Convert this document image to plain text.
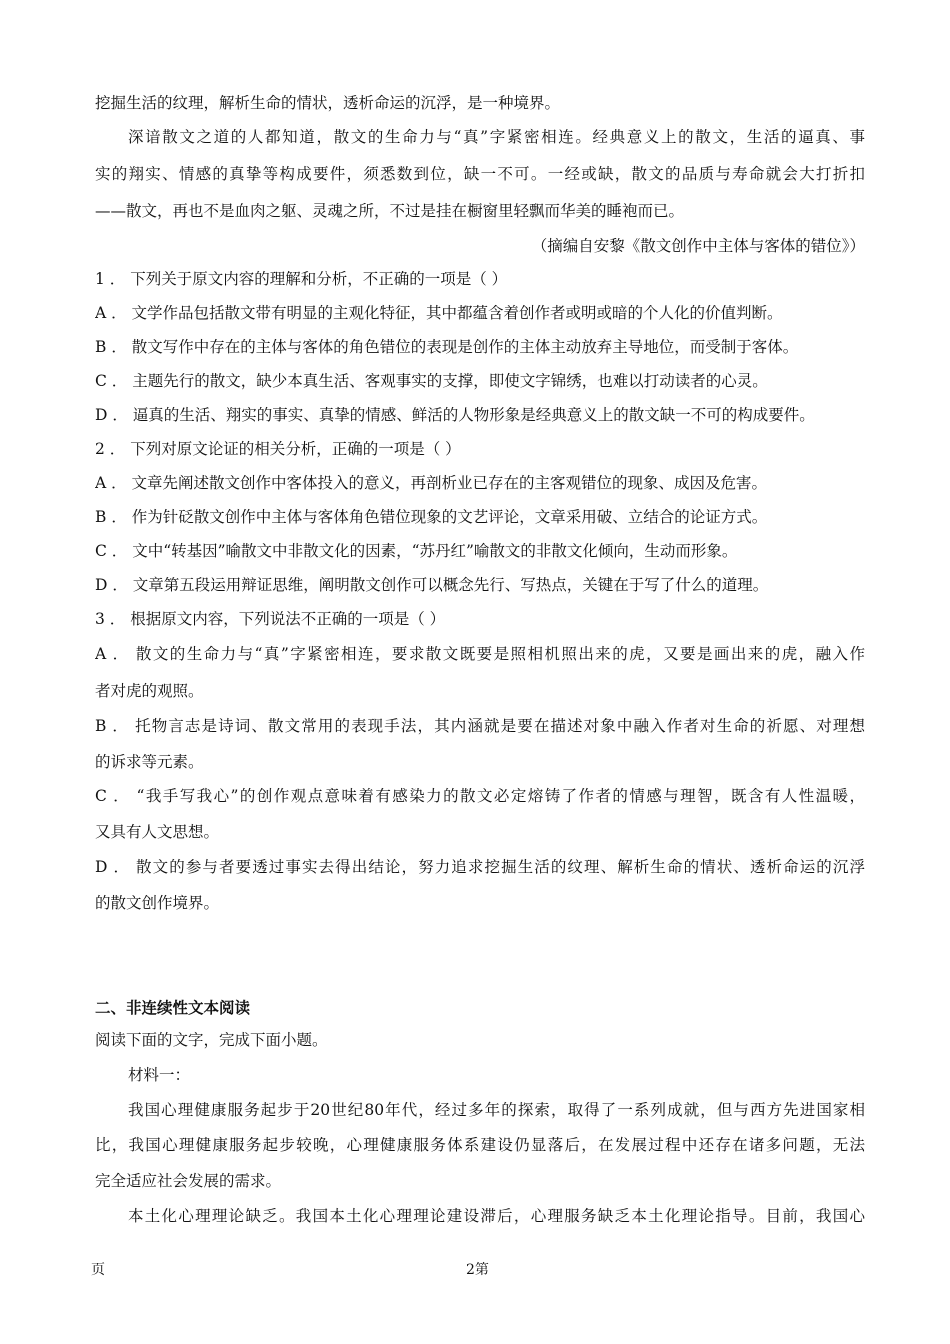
挖掘生活的纹理，解析生命的情状，透析命运的沉浮，是一种境界。
深谙散文之道的人都知道，散文的生命力与“真”字紧密相连。经典意义上的散文，生活的逼真、事
实的翔实、情感的真挚等构成要件，须悉数到位，缺一不可。一经或缺，散文的品质与寿命就会大打折扣
——散文，再也不是血肉之躯、灵魂之所，不过是挂在橱窗里轻飘而华美的睡袍而已。
（摘编自安黎《散文创作中主体与客体的错位》）
1 ． 下列关于原文内容的理解和分析，不正确的一项是（ ）
A ． 文学作品包括散文带有明显的主观化特征，其中都蕴含着创作者或明或暗的个人化的价值判断。
B ． 散文写作中存在的主体与客体的角色错位的表现是创作的主体主动放弃主导地位，而受制于客体。
C ． 主题先行的散文，缺少本真生活、客观事实的支撑，即使文字锦绣，也难以打动读者的心灵。
D ． 逼真的生活、翔实的事实、真挚的情感、鲜活的人物形象是经典意义上的散文缺一不可的构成要件。
2 ． 下列对原文论证的相关分析，正确的一项是（ ）
A ． 文章先阐述散文创作中客体投入的意义，再剖析业已存在的主客观错位的现象、成因及危害。
B ． 作为针砭散文创作中主体与客体角色错位现象的文艺评论，文章采用破、立结合的论证方式。
C ． 文中“转基因”喻散文中非散文化的因素，“苏丹红”喻散文的非散文化倾向，生动而形象。
D ． 文章第五段运用辩证思维，阐明散文创作可以概念先行、写热点，关键在于写了什么的道理。
3 ． 根据原文内容，下列说法不正确的一项是（ ）
A ． 散文的生命力与“真”字紧密相连，要求散文既要是照相机照出来的虎，又要是画出来的虎，融入作
者对虎的观照。
B ． 托物言志是诗词、散文常用的表现手法，其内涵就是要在描述对象中融入作者对生命的祈愿、对理想
的诉求等元素。
C ． “我手写我心”的创作观点意味着有感染力的散文必定熔铸了作者的情感与理智，既含有人性温暖，
又具有人文思想。
D ． 散文的参与者要透过事实去得出结论，努力追求挖掘生活的纹理、解析生命的情状、透析命运的沉浮
的散文创作境界。
二、非连续性文本阅读
阅读下面的文字，完成下面小题。
材料一：
我国心理健康服务起步于20世纪80年代，经过多年的探索，取得了一系列成就，但与西方先进国家相
比，我国心理健康服务起步较晚，心理健康服务体系建设仍显落后，在发展过程中还存在诸多问题，无法
完全适应社会发展的需求。
本土化心理理论缺乏。我国本土化心理理论建设滞后，心理服务缺乏本土化理论指导。目前，我国心
页	2第
